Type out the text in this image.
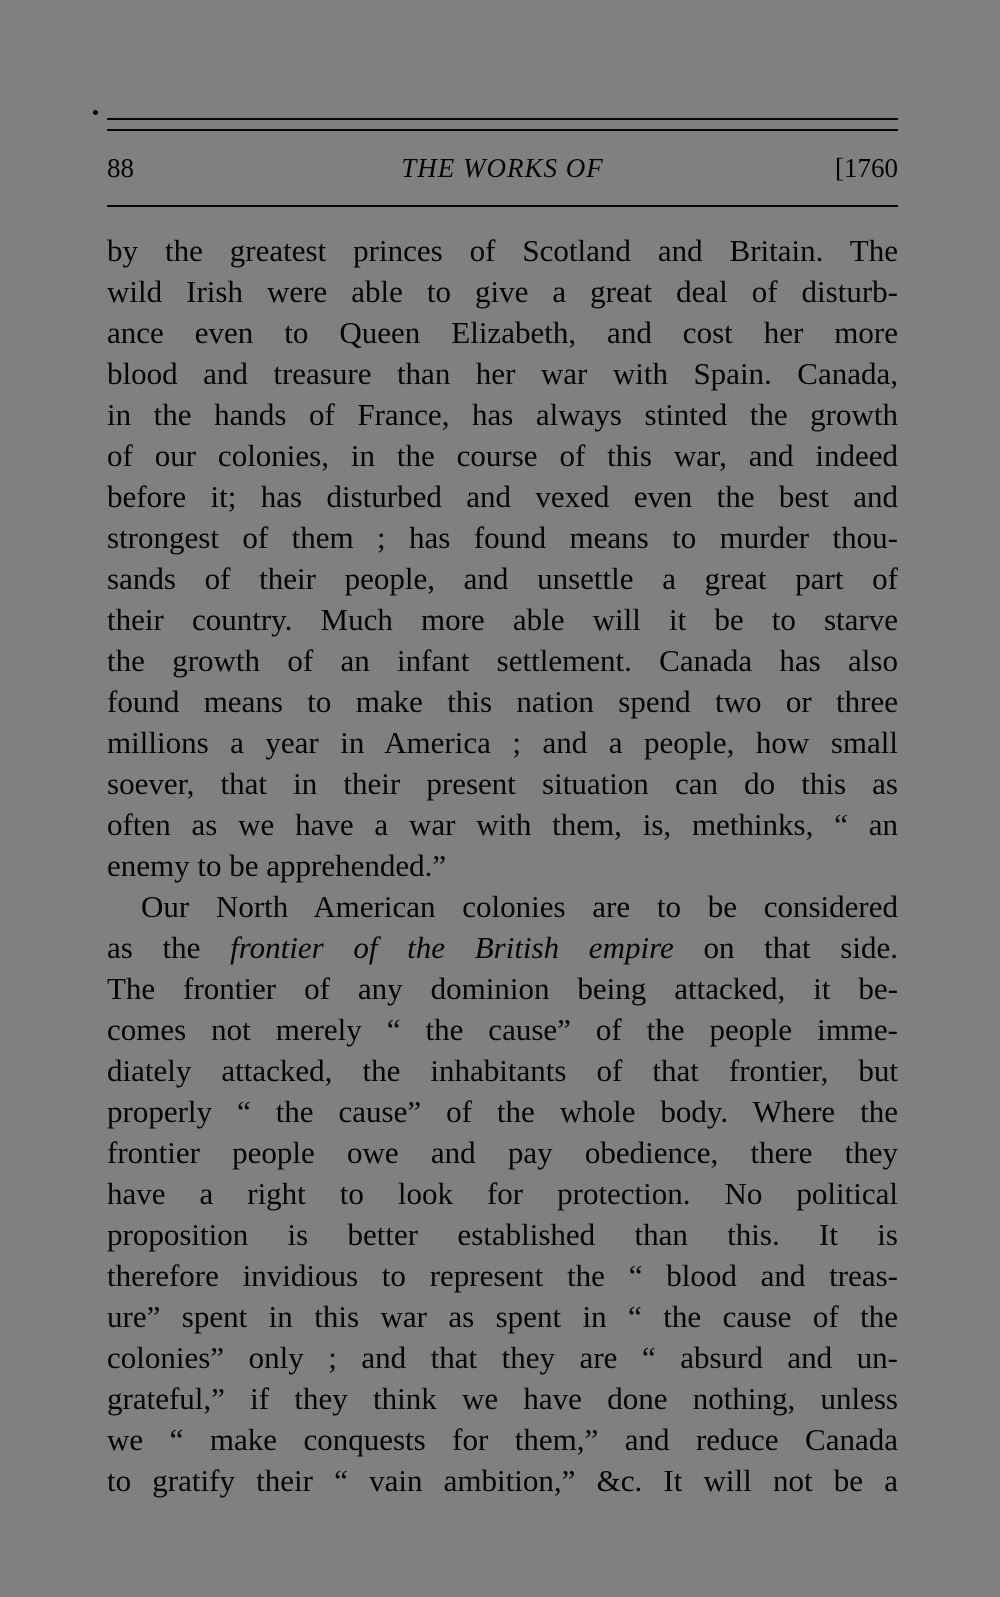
88	THE WORKS OF	[1760
by the greatest princes of Scotland and Britain. The
wild Irish were able to give a great deal of disturb-
ance even to Queen Elizabeth, and cost her more
blood and treasure than her war with Spain. Canada,
in the hands of France, has always stinted the growth
of our colonies, in the course of this war, and indeed
before it; has disturbed and vexed even the best and
strongest of them ; has found means to murder thou-
sands of their people, and unsettle a great part of
their country. Much more able will it be to starve
the growth of an infant settlement. Canada has also
found means to make this nation spend two or three
millions a year in America ; and a people, how small
soever, that in their present situation can do this as
often as we have a war with them, is, methinks, “ an
enemy to be apprehended.”
Our North American colonies are to be considered
as the frontier of the British empire on that side.
The frontier of any dominion being attacked, it be-
comes not merely “ the cause” of the people imme-
diately attacked, the inhabitants of that frontier, but
properly “ the cause” of the whole body. Where the
frontier people owe and pay obedience, there they
have a right to look for protection. No political
proposition is better established than this. It is
therefore invidious to represent the “ blood and treas-
ure” spent in this war as spent in “ the cause of the
colonies” only ; and that they are “ absurd and un-
grateful,” if they think we have done nothing, unless
we “ make conquests for them,” and reduce Canada
to gratify their “ vain ambition,” &c. It will not be a
